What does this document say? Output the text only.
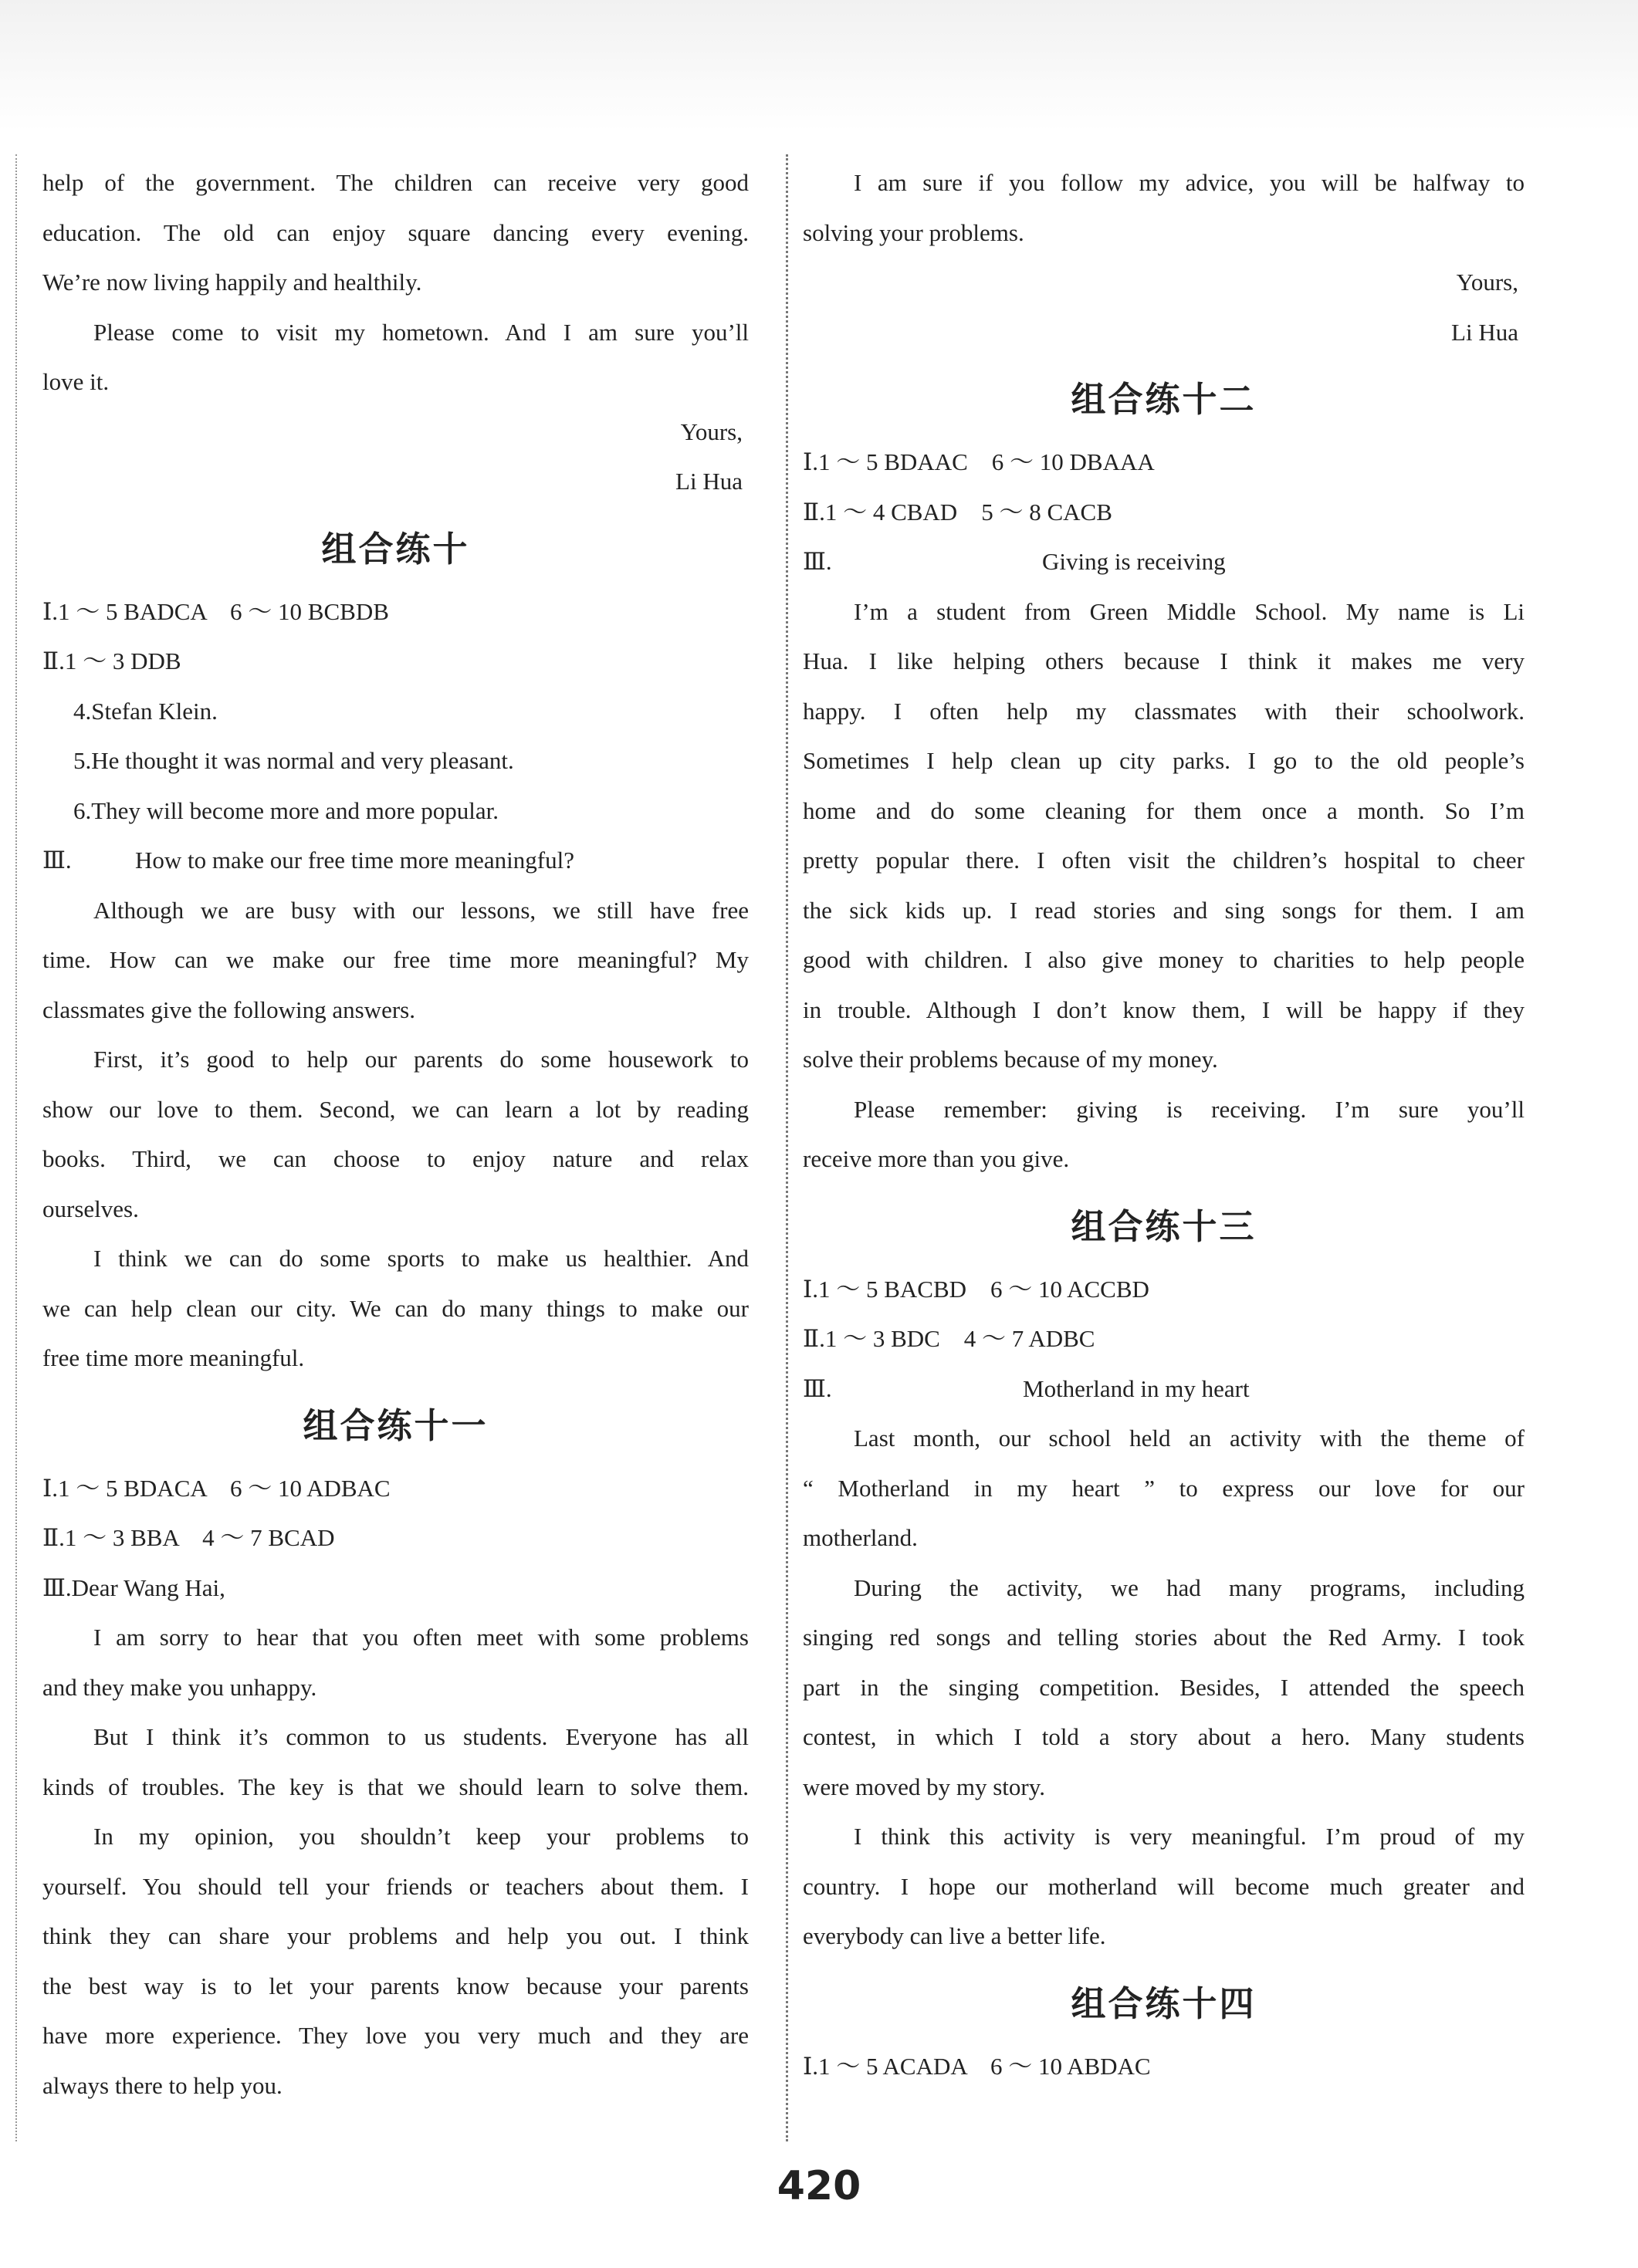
help of the government. The children can receive very good
education. The old can enjoy square dancing every evening.
We’re now living happily and healthily.
Please come to visit my hometown. And I am sure you’ll
love it.
Yours,
Li Hua
组合练十
Ⅰ.1 ～ 5 BADCA　6 ～ 10 BCBDB
Ⅱ.1 ～ 3 DDB
4.Stefan Klein.
5.He thought it was normal and very pleasant.
6.They will become more and more popular.
Ⅲ.	How to make our free time more meaningful?
Although we are busy with our lessons, we still have free
time. How can we make our free time more meaningful? My
classmates give the following answers.
First, it’s good to help our parents do some housework to
show our love to them. Second, we can learn a lot by reading
books. Third, we can choose to enjoy nature and relax
ourselves.
I think we can do some sports to make us healthier. And
we can help clean our city. We can do many things to make our
free time more meaningful.
组合练十一
Ⅰ.1 ～ 5 BDACA　6 ～ 10 ADBAC
Ⅱ.1 ～ 3 BBA　4 ～ 7 BCAD
Ⅲ.Dear Wang Hai,
I am sorry to hear that you often meet with some problems
and they make you unhappy.
But I think it’s common to us students. Everyone has all
kinds of troubles. The key is that we should learn to solve them.
In my opinion, you shouldn’t keep your problems to
yourself. You should tell your friends or teachers about them. I
think they can share your problems and help you out. I think
the best way is to let your parents know because your parents
have more experience. They love you very much and they are
always there to help you.
I am sure if you follow my advice, you will be halfway to
solving your problems.
Yours,
Li Hua
组合练十二
Ⅰ.1 ～ 5 BDAAC　6 ～ 10 DBAAA
Ⅱ.1 ～ 4 CBAD　5 ～ 8 CACB
Ⅲ.	Giving is receiving
I’m a student from Green Middle School. My name is Li
Hua. I like helping others because I think it makes me very
happy. I often help my classmates with their schoolwork.
Sometimes I help clean up city parks. I go to the old people’s
home and do some cleaning for them once a month. So I’m
pretty popular there. I often visit the children’s hospital to cheer
the sick kids up. I read stories and sing songs for them. I am
good with children. I also give money to charities to help people
in trouble. Although I don’t know them, I will be happy if they
solve their problems because of my money.
Please remember: giving is receiving. I’m sure you’ll
receive more than you give.
组合练十三
Ⅰ.1 ～ 5 BACBD　6 ～ 10 ACCBD
Ⅱ.1 ～ 3 BDC　4 ～ 7 ADBC
Ⅲ.	Motherland in my heart
Last month, our school held an activity with the theme of
“ Motherland in my heart ” to express our love for our
motherland.
During the activity, we had many programs, including
singing red songs and telling stories about the Red Army. I took
part in the singing competition. Besides, I attended the speech
contest, in which I told a story about a hero. Many students
were moved by my story.
I think this activity is very meaningful. I’m proud of my
country. I hope our motherland will become much greater and
everybody can live a better life.
组合练十四
Ⅰ.1 ～ 5 ACADA　6 ～ 10 ABDAC
420
